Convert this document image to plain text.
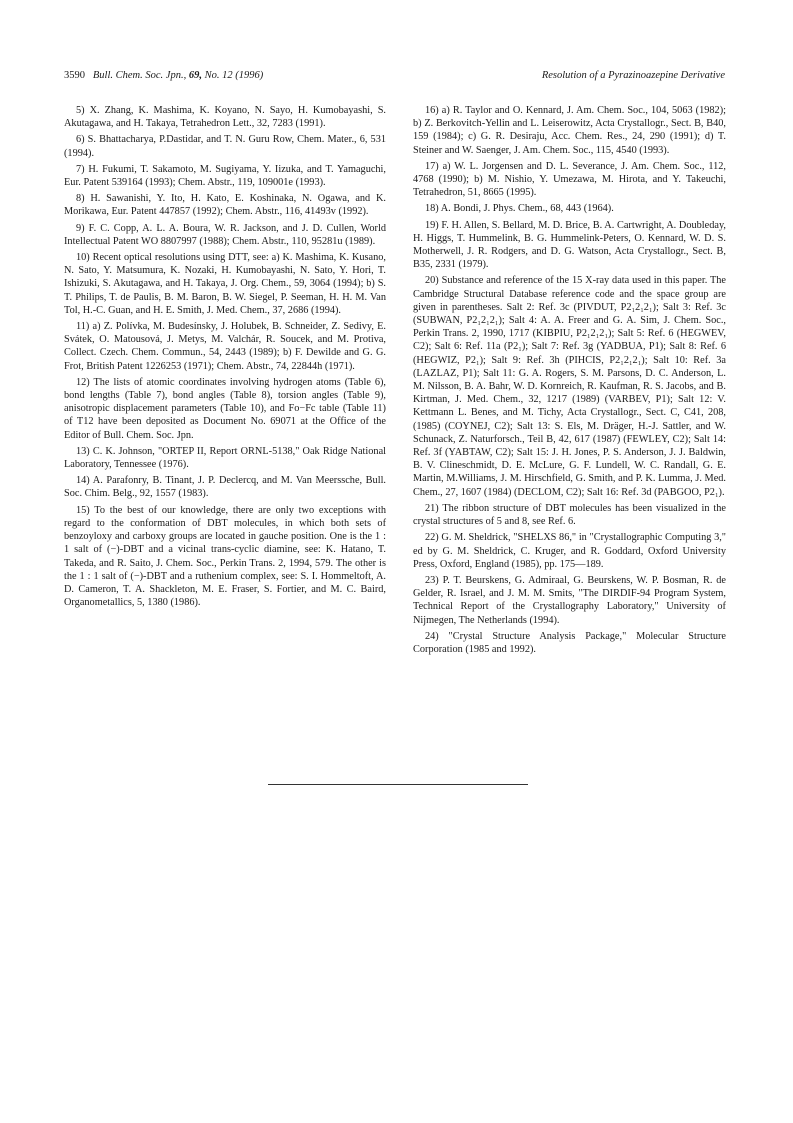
3590 Bull. Chem. Soc. Jpn., 69, No. 12 (1996)	Resolution of a Pyrazinoazepine Derivative

5) X. Zhang, K. Mashima, K. Koyano, N. Sayo, H. Kumobayashi, S. Akutagawa, and H. Takaya, Tetrahedron Lett., 32, 7283 (1991).

6) S. Bhattacharya, P.Dastidar, and T. N. Guru Row, Chem. Mater., 6, 531 (1994).

7) H. Fukumi, T. Sakamoto, M. Sugiyama, Y. Iizuka, and T. Yamaguchi, Eur. Patent 539164 (1993); Chem. Abstr., 119, 109001e (1993).

8) H. Sawanishi, Y. Ito, H. Kato, E. Koshinaka, N. Ogawa, and K. Morikawa, Eur. Patent 447857 (1992); Chem. Abstr., 116, 41493v (1992).

9) F. C. Copp, A. L. A. Boura, W. R. Jackson, and J. D. Cullen, World Intellectual Patent WO 8807997 (1988); Chem. Abstr., 110, 95281u (1989).

10) Recent optical resolutions using DTT, see: a) K. Mashima, K. Kusano, N. Sato, Y. Matsumura, K. Nozaki, H. Kumobayashi, N. Sato, Y. Hori, T. Ishizuki, S. Akutagawa, and H. Takaya, J. Org. Chem., 59, 3064 (1994); b) S. T. Philips, T. de Paulis, B. M. Baron, B. W. Siegel, P. Seeman, H. H. M. Van Tol, H.-C. Guan, and H. E. Smith, J. Med. Chem., 37, 2686 (1994).

11) a) Z. Polívka, M. Budesínsky, J. Holubek, B. Schneider, Z. Sedivy, E. Svátek, O. Matousová, J. Metys, M. Valchár, R. Soucek, and M. Protiva, Collect. Czech. Chem. Commun., 54, 2443 (1989); b) F. Dewilde and G. G. Frot, British Patent 1226253 (1971); Chem. Abstr., 74, 22844h (1971).

12) The lists of atomic coordinates involving hydrogen atoms (Table 6), bond lengths (Table 7), bond angles (Table 8), torsion angles (Table 9), anisotropic displacement parameters (Table 10), and Fo−Fc table (Table 11) of T12 have been deposited as Document No. 69071 at the Office of the Editor of Bull. Chem. Soc. Jpn.

13) C. K. Johnson, "ORTEP II, Report ORNL-5138," Oak Ridge National Laboratory, Tennessee (1976).

14) A. Parafonry, B. Tinant, J. P. Declercq, and M. Van Meerssche, Bull. Soc. Chim. Belg., 92, 1557 (1983).

15) To the best of our knowledge, there are only two exceptions with regard to the conformation of DBT molecules, in which both sets of benzoyloxy and carboxy groups are located in gauche position. One is the 1 : 1 salt of (−)-DBT and a vicinal trans-cyclic diamine, see: K. Hatano, T. Takeda, and R. Saito, J. Chem. Soc., Perkin Trans. 2, 1994, 579. The other is the 1 : 1 salt of (−)-DBT and a ruthenium complex, see: S. I. Hommeltoft, A. D. Cameron, T. A. Shackleton, M. E. Fraser, S. Fortier, and M. C. Baird, Organometallics, 5, 1380 (1986).

16) a) R. Taylor and O. Kennard, J. Am. Chem. Soc., 104, 5063 (1982); b) Z. Berkovitch-Yellin and L. Leiserowitz, Acta Crystallogr., Sect. B, B40, 159 (1984); c) G. R. Desiraju, Acc. Chem. Res., 24, 290 (1991); d) T. Steiner and W. Saenger, J. Am. Chem. Soc., 115, 4540 (1993).

17) a) W. L. Jorgensen and D. L. Severance, J. Am. Chem. Soc., 112, 4768 (1990); b) M. Nishio, Y. Umezawa, M. Hirota, and Y. Takeuchi, Tetrahedron, 51, 8665 (1995).

18) A. Bondi, J. Phys. Chem., 68, 443 (1964).

19) F. H. Allen, S. Bellard, M. D. Brice, B. A. Cartwright, A. Doubleday, H. Higgs, T. Hummelink, B. G. Hummelink-Peters, O. Kennard, W. D. S. Motherwell, J. R. Rodgers, and D. G. Watson, Acta Crystallogr., Sect. B, B35, 2331 (1979).

20) Substance and reference of the 15 X-ray data used in this paper. The Cambridge Structural Database reference code and the space group are given in parentheses. Salt 2: Ref. 3c (PIVDUT, P2₁2₁2₁); Salt 3: Ref. 3c (SUBWAN, P2₁2₁2₁); Salt 4: A. A. Freer and G. A. Sim, J. Chem. Soc., Perkin Trans. 2, 1990, 1717 (KIBPIU, P2₁2₁2₁); Salt 5: Ref. 6 (HEGWEV, C2); Salt 6: Ref. 11a (P2₁); Salt 7: Ref. 3g (YADBUA, P1); Salt 8: Ref. 6 (HEGWIZ, P2₁); Salt 9: Ref. 3h (PIHCIS, P2₁2₁2₁); Salt 10: Ref. 3a (LAZLAZ, P1); Salt 11: G. A. Rogers, S. M. Parsons, D. C. Anderson, L. M. Nilsson, B. A. Bahr, W. D. Kornreich, R. Kaufman, R. S. Jacobs, and B. Kirtman, J. Med. Chem., 32, 1217 (1989) (VARBEV, P1); Salt 12: V. Kettmann L. Benes, and M. Tichy, Acta Crystallogr., Sect. C, C41, 208, (1985) (COYNEJ, C2); Salt 13: S. Els, M. Dräger, H.-J. Sattler, and W. Schunack, Z. Naturforsch., Teil B, 42, 617 (1987) (FEWLEY, C2); Salt 14: Ref. 3f (YABTAW, C2); Salt 15: J. H. Jones, P. S. Anderson, J. J. Baldwin, B. V. Clineschmidt, D. E. McLure, G. F. Lundell, W. C. Randall, G. E. Martin, M.Williams, J. M. Hirschfield, G. Smith, and P. K. Lumma, J. Med. Chem., 27, 1607 (1984) (DECLOM, C2); Salt 16: Ref. 3d (PABGOO, P2₁).

21) The ribbon structure of DBT molecules has been visualized in the crystal structures of 5 and 8, see Ref. 6.

22) G. M. Sheldrick, "SHELXS 86," in "Crystallographic Computing 3," ed by G. M. Sheldrick, C. Kruger, and R. Goddard, Oxford University Press, Oxford, England (1985), pp. 175—189.

23) P. T. Beurskens, G. Admiraal, G. Beurskens, W. P. Bosman, R. de Gelder, R. Israel, and J. M. M. Smits, "The DIRDIF-94 Program System, Technical Report of the Crystallography Laboratory," University of Nijmegen, The Netherlands (1994).

24) "Crystal Structure Analysis Package," Molecular Structure Corporation (1985 and 1992).
